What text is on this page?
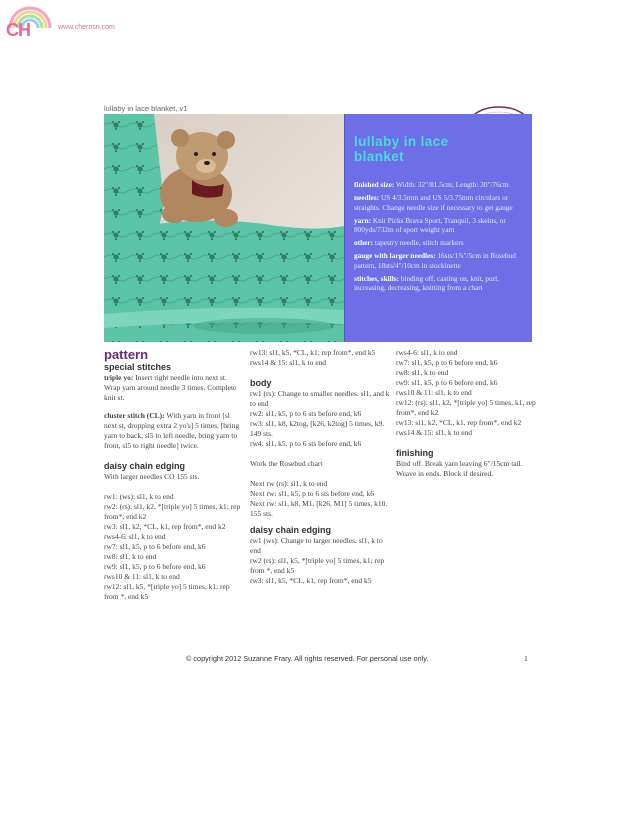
CH	www.cherosn.com
lullaby in lace blanket, v1
lullaby in lace blanket

finished size: Width: 32"/81.5cm; Length: 30"/76cm

needles: US 4/3.5mm and US 5/3.75mm circulars or straights. Change needle size if necessary to get gauge

yarn: Knit Picks Brava Sport, Tranquil, 3 skeins, or 800yds/732m of sport weight yarn

other: tapestry needle, stitch markers

gauge with larger needles: 16sts/1⅞"/5cm in Rosebud pattern, 18sts/4"/10cm in stockinette

stitches, skills: binding off, casting on, knit, purl, increasing, decreasing, knitting from a chart

pattern

special stitches

triple yo: Insert right needle into next st. Wrap yarn around needle 3 times. Complete knit st.

cluster stitch (CL): With yarn in front [sl next st, dropping extra 2 yo's] 5 times, [bring yarn to back, sl5 to left needle, bring yarn to front, sl5 to right needle] twice.

daisy chain edging

With larger needles CO 155 sts.

rw1: (ws): sl1, k to end

rw2: (rs): sl1, k2, *[triple yo] 5 times, k1; rep from*, end k2

rw3: sl1, k2, *CL, k1, rep from*, end k2

rws4-6: sl1, k to end

rw7: sl1, k5, p to 6 before end, k6

rw8: sl1, k to end

rw9: sl1, k5, p to 6 before end, k6

rws10 & 11: sl1, k to end

rw12: sl1, k5, *[triple yo] 5 times, k1; rep from *, end k5

rw13: sl1, k5, *CL, k1; rep from*, end k5

rws14 & 15: sl1, k to end

body

rw1 (rs): Change to smaller needles. sl1, and k to end

rw2: sl1, k5, p to 6 sts before end, k6

rw3: sl1, k8, k2tog, [k26, k2tog] 5 times, k9. 149 sts.

rw4: sl1, k5, p to 6 sts before end, k6

Work the Rosebud chart

Next rw (rs): sl1, k to end

Next rw: sl1, k5, p to 6 sts before end, k6

Next rw: sl1, k8, M1, [k26, M1] 5 times, k10. 155 sts.

daisy chain edging

rw1 (ws): Change to larger needles. sl1, k to end

rw2 (rs): sl1, k5, *[triple yo] 5 times, k1; rep from *, end k5

rw3: sl1, k5, *CL, k1, rep from*, end k5

rws4-6: sl1, k to end

rw7: sl1, k5, p to 6 before end, k6

rw8: sl1, k to end

rw9: sl1, k5, p to 6 before end, k6

rws10 & 11: sl1, k to end

rw12: (rs): sl1, k2, *[triple yo] 5 times, k1, rep from*, end k2

rw13: sl1, k2, *CL, k1, rep from*, end k2

rws14 & 15: sl1, k to end

finishing

Bind off. Break yarn leaving 6"/15cm tail. Weave in ends. Block if desired.

© copyright 2012 Suzanne Frary. All rights reserved. For personal use only.	1
